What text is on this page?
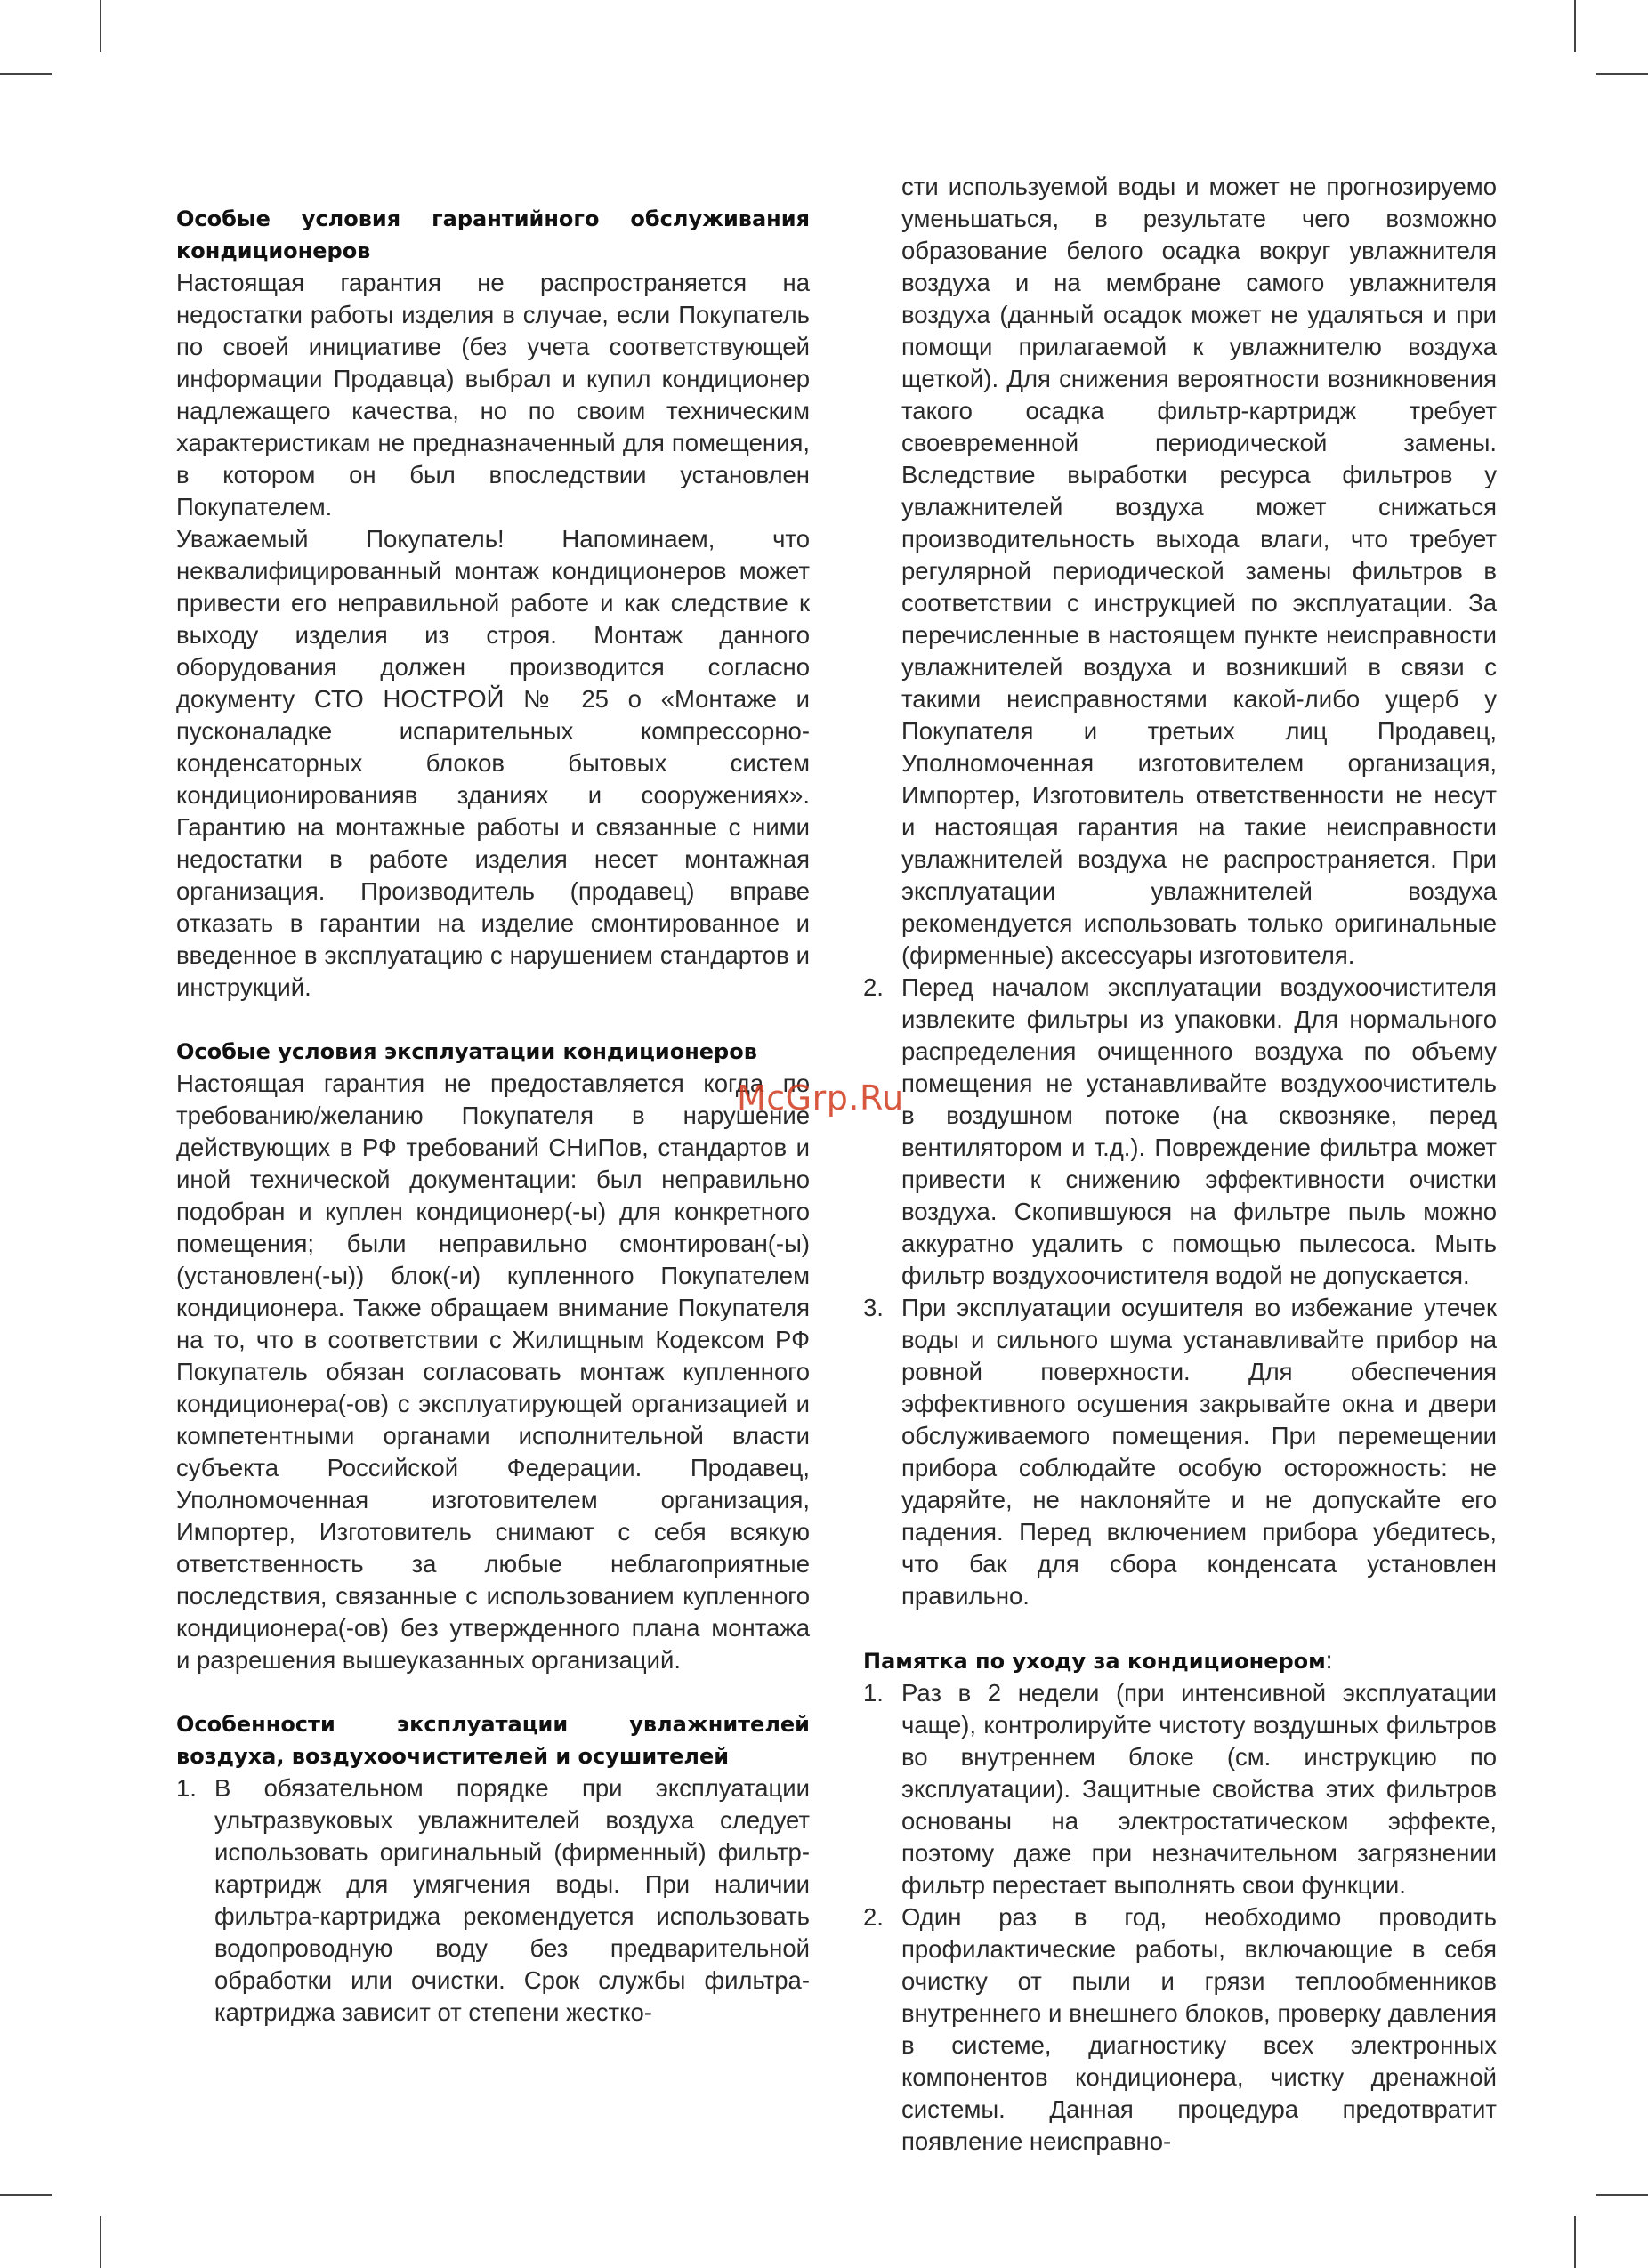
Особые условия гарантийного обслуживания кондиционеров

Настоящая гарантия не распространяется на недостатки работы изделия в случае, если Покупатель по своей инициативе (без учета соответствующей информации Продавца) выбрал и купил кондиционер надлежащего качества, но по своим техническим характеристикам не предназначенный для помещения, в котором он был впоследствии установлен Покупателем.

Уважаемый Покупатель! Напоминаем, что неквалифицированный монтаж кондиционеров может привести его неправильной работе и как следствие к выходу изделия из строя. Монтаж данного оборудования должен производится согласно документу СТО НОСТРОЙ № 25 о «Монтаже и пусконаладке испарительных компрессорно-конденсаторных блоков бытовых систем кондиционированияв зданиях и сооружениях». Гарантию на монтажные работы и связанные с ними недостатки в работе изделия несет монтажная организация. Производитель (продавец) вправе отказать в гарантии на изделие смонтированное и введенное в эксплуатацию с нарушением стандартов и инструкций.

Особые условия эксплуатации кондиционеров

Настоящая гарантия не предоставляется когда по требованию/желанию Покупателя в нарушение действующих в РФ требований СНиПов, стандартов и иной технической документации: был неправильно подобран и куплен кондиционер(-ы) для конкретного помещения; были неправильно смонтирован(-ы) (установлен(-ы)) блок(-и) купленного Покупателем кондиционера. Также обращаем внимание Покупателя на то, что в соответствии с Жилищным Кодексом РФ Покупатель обязан согласовать монтаж купленного кондиционера(-ов) с эксплуатирующей организацией и компетентными органами исполнительной власти субъекта Российской Федерации. Продавец, Уполномоченная изготовителем организация, Импортер, Изготовитель снимают с себя всякую ответственность за любые неблагоприятные последствия, связанные с использованием купленного кондиционера(-ов) без утвержденного плана монтажа и разрешения вышеуказанных организаций.

Особенности эксплуатации увлажнителей воздуха, воздухоочистителей и осушителей
1. В обязательном порядке при эксплуатации ультразвуковых увлажнителей воздуха следует использовать оригинальный (фирменный) фильтр-картридж для умягчения воды. При наличии фильтра-картриджа рекомендуется использовать водопроводную воду без предварительной обработки или очистки. Срок службы фильтра-картриджа зависит от степени жестко-
сти используемой воды и может не прогнозируемо уменьшаться, в результате чего возможно образование белого осадка вокруг увлажнителя воздуха и на мембране самого увлажнителя воздуха (данный осадок может не удаляться и при помощи прилагаемой к увлажнителю воздуха щеткой). Для снижения вероятности возникновения такого осадка фильтр-картридж требует своевременной периодической замены. Вследствие выработки ресурса фильтров у увлажнителей воздуха может снижаться производительность выхода влаги, что требует регулярной периодической замены фильтров в соответствии с инструкцией по эксплуатации. За перечисленные в настоящем пункте неисправности увлажнителей воздуха и возникший в связи с такими неисправностями какой-либо ущерб у Покупателя и третьих лиц Продавец, Уполномоченная изготовителем организация, Импортер, Изготовитель ответственности не несут и настоящая гарантия на такие неисправности увлажнителей воздуха не распространяется. При эксплуатации увлажнителей воздуха рекомендуется использовать только оригинальные (фирменные) аксессуары изготовителя.
2. Перед началом эксплуатации воздухоочистителя извлеките фильтры из упаковки. Для нормального распределения очищенного воздуха по объему помещения не устанавливайте воздухоочиститель в воздушном потоке (на сквозняке, перед вентилятором и т.д.). Повреждение фильтра может привести к снижению эффективности очистки воздуха. Скопившуюся на фильтре пыль можно аккуратно удалить с помощью пылесоса. Мыть фильтр воздухоочистителя водой не допускается.
3. При эксплуатации осушителя во избежание утечек воды и сильного шума устанавливайте прибор на ровной поверхности. Для обеспечения эффективного осушения закрывайте окна и двери обслуживаемого помещения. При перемещении прибора соблюдайте особую осторожность: не ударяйте, не наклоняйте и не допускайте его падения. Перед включением прибора убедитесь, что бак для сбора конденсата установлен правильно.
Памятка по уходу за кондиционером:
1. Раз в 2 недели (при интенсивной эксплуатации чаще), контролируйте чистоту воздушных фильтров во внутреннем блоке (см. инструкцию по эксплуатации). Защитные свойства этих фильтров основаны на электростатическом эффекте, поэтому даже при незначительном загрязнении фильтр перестает выполнять свои функции.
2. Один раз в год, необходимо проводить профилактические работы, включающие в себя очистку от пыли и грязи теплообменников внутреннего и внешнего блоков, проверку давления в системе, диагностику всех электронных компонентов кондиционера, чистку дренажной системы. Данная процедура предотвратит появление неисправно-
McGrp.Ru
